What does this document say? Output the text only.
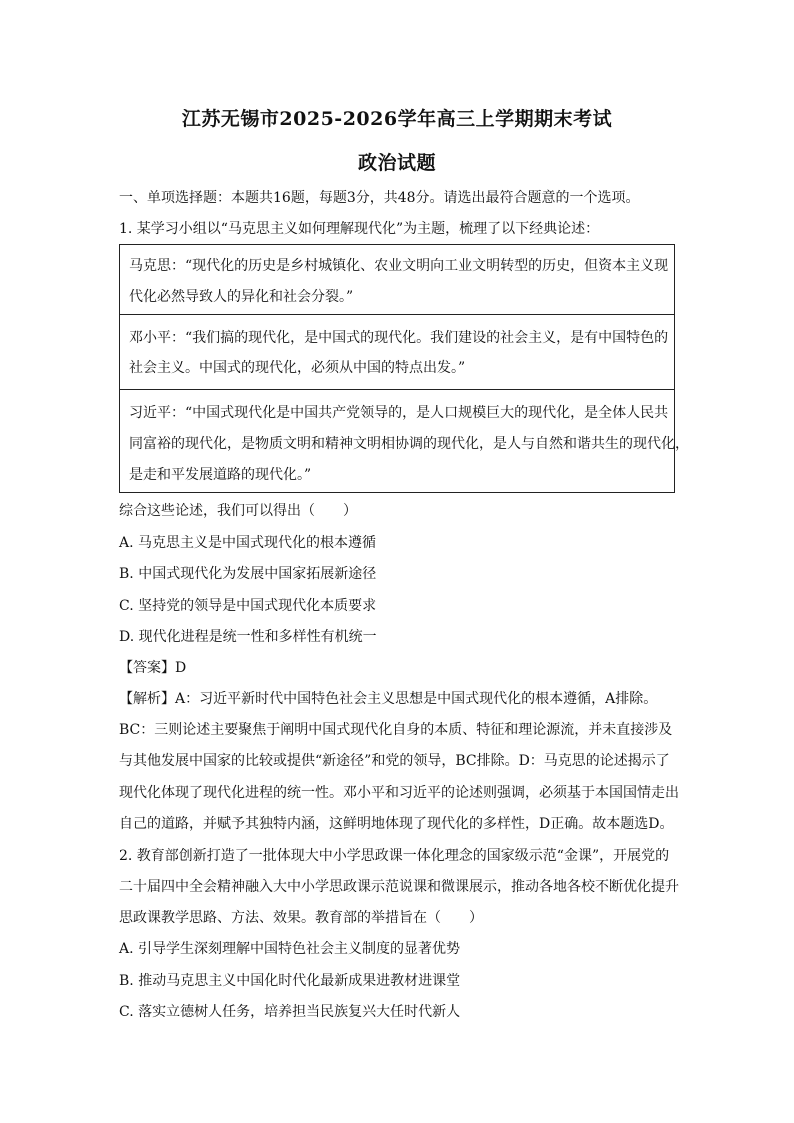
江苏无锡市2025-2026学年高三上学期期末考试
政治试题
一、单项选择题：本题共16题，每题3分，共48分。请选出最符合题意的一个选项。
1. 某学习小组以“马克思主义如何理解现代化”为主题，梳理了以下经典论述：
马克思：“现代化的历史是乡村城镇化、农业文明向工业文明转型的历史，但资本主义现
代化必然导致人的异化和社会分裂。”
邓小平：“我们搞的现代化，是中国式的现代化。我们建设的社会主义，是有中国特色的
社会主义。中国式的现代化，必须从中国的特点出发。”
习近平：“中国式现代化是中国共产党领导的，是人口规模巨大的现代化，是全体人民共
同富裕的现代化，是物质文明和精神文明相协调的现代化，是人与自然和谐共生的现代化，
是走和平发展道路的现代化。”
综合这些论述，我们可以得出（　　）
A. 马克思主义是中国式现代化的根本遵循
B. 中国式现代化为发展中国家拓展新途径
C. 坚持党的领导是中国式现代化本质要求
D. 现代化进程是统一性和多样性有机统一
【答案】D
【解析】A：习近平新时代中国特色社会主义思想是中国式现代化的根本遵循，A排除。
BC：三则论述主要聚焦于阐明中国式现代化自身的本质、特征和理论源流，并未直接涉及
与其他发展中国家的比较或提供“新途径”和党的领导，BC排除。D：马克思的论述揭示了
现代化体现了现代化进程的统一性。邓小平和习近平的论述则强调，必须基于本国国情走出
自己的道路，并赋予其独特内涵，这鲜明地体现了现代化的多样性，D正确。故本题选D。
2. 教育部创新打造了一批体现大中小学思政课一体化理念的国家级示范“金课”，开展党的
二十届四中全会精神融入大中小学思政课示范说课和微课展示，推动各地各校不断优化提升
思政课教学思路、方法、效果。教育部的举措旨在（　　）
A. 引导学生深刻理解中国特色社会主义制度的显著优势
B. 推动马克思主义中国化时代化最新成果进教材进课堂
C. 落实立德树人任务，培养担当民族复兴大任时代新人
